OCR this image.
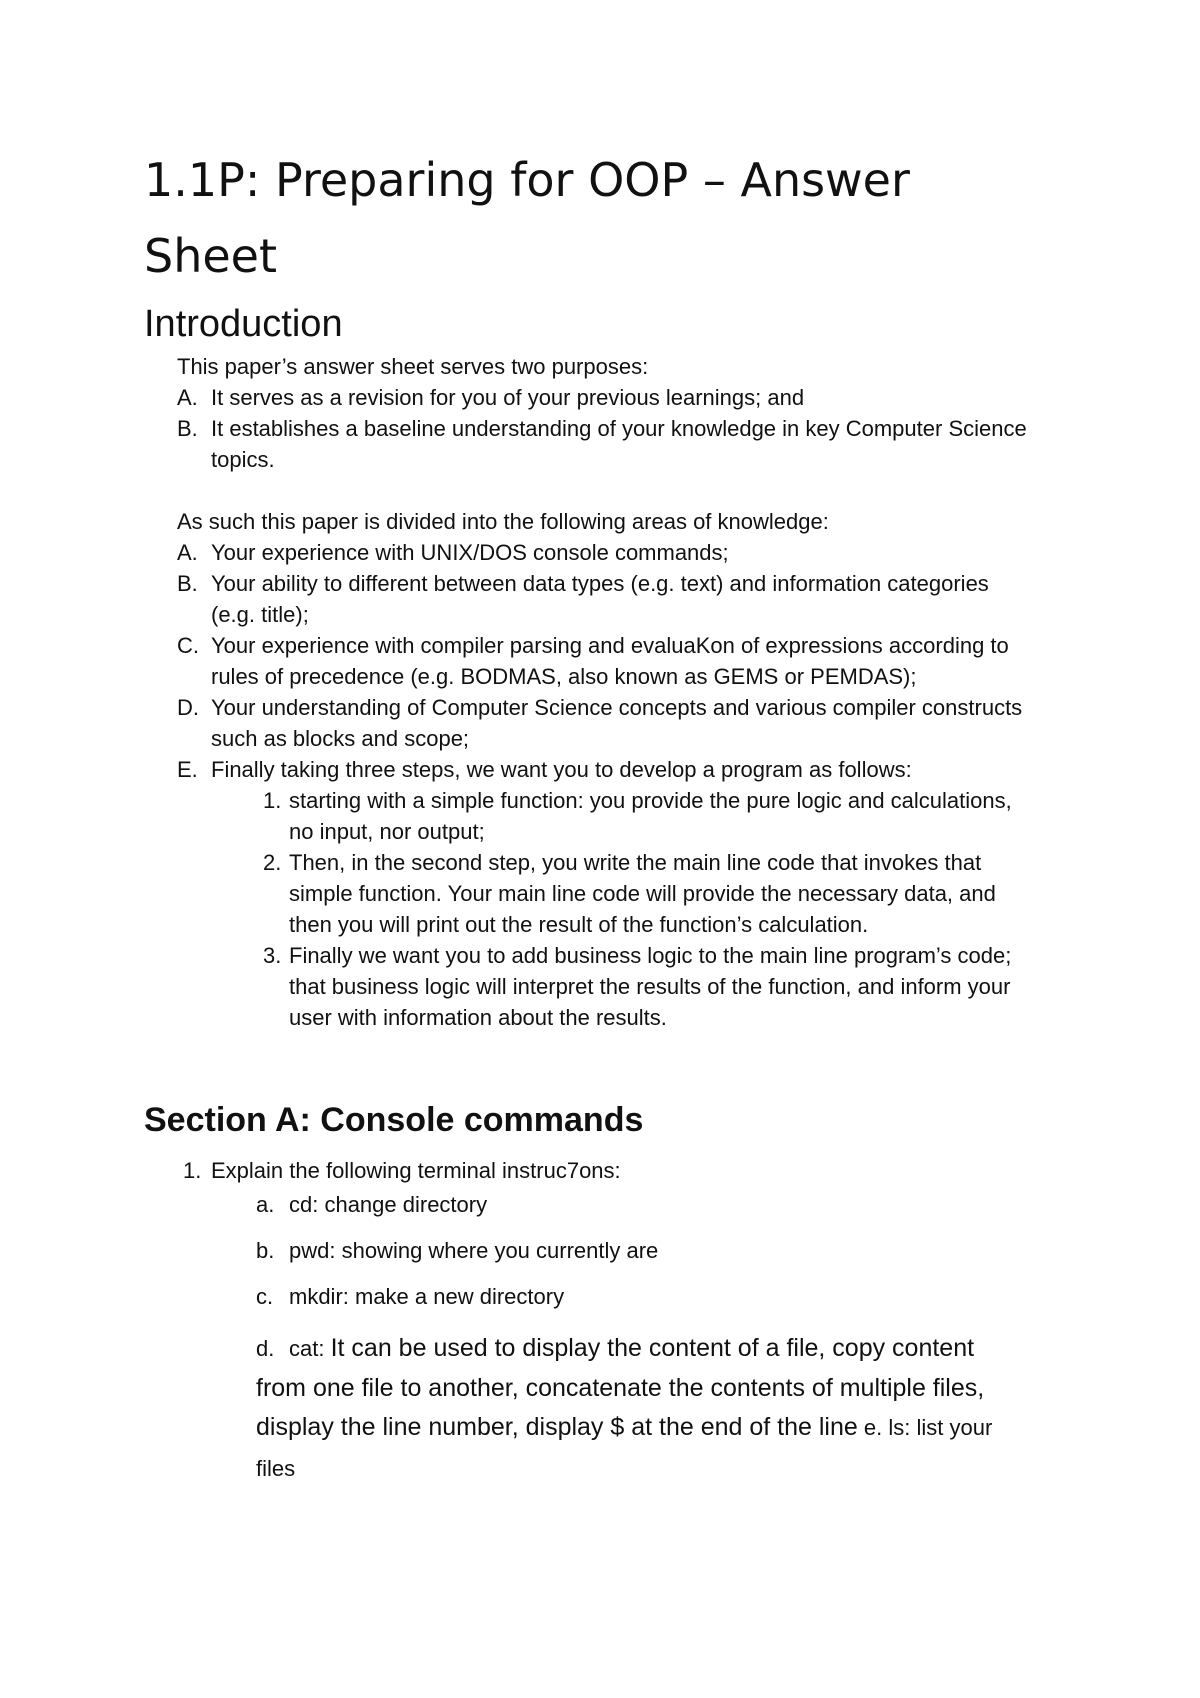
1.1P: Preparing for OOP – Answer
Sheet
Introduction
This paper’s answer sheet serves two purposes:
A. It serves as a revision for you of your previous learnings; and
B. It establishes a baseline understanding of your knowledge in key Computer Science
topics.
As such this paper is divided into the following areas of knowledge:
A. Your experience with UNIX/DOS console commands;
B. Your ability to different between data types (e.g. text) and information categories
(e.g. title);
C. Your experience with compiler parsing and evaluaKon of expressions according to
rules of precedence (e.g. BODMAS, also known as GEMS or PEMDAS);
D. Your understanding of Computer Science concepts and various compiler constructs
such as blocks and scope;
E. Finally taking three steps, we want you to develop a program as follows:
1. starting with a simple function: you provide the pure logic and calculations,
no input, nor output;
2. Then, in the second step, you write the main line code that invokes that
simple function. Your main line code will provide the necessary data, and
then you will print out the result of the function’s calculation.
3. Finally we want you to add business logic to the main line program’s code;
that business logic will interpret the results of the function, and inform your
user with information about the results.
Section A: Console commands
1. Explain the following terminal instruc7ons:
a. cd: change directory
b. pwd: showing where you currently are
c. mkdir: make a new directory
d. cat: It can be used to display the content of a file, copy content
from one file to another, concatenate the contents of multiple files,
display the line number, display $ at the end of the line e. ls: list your
files
